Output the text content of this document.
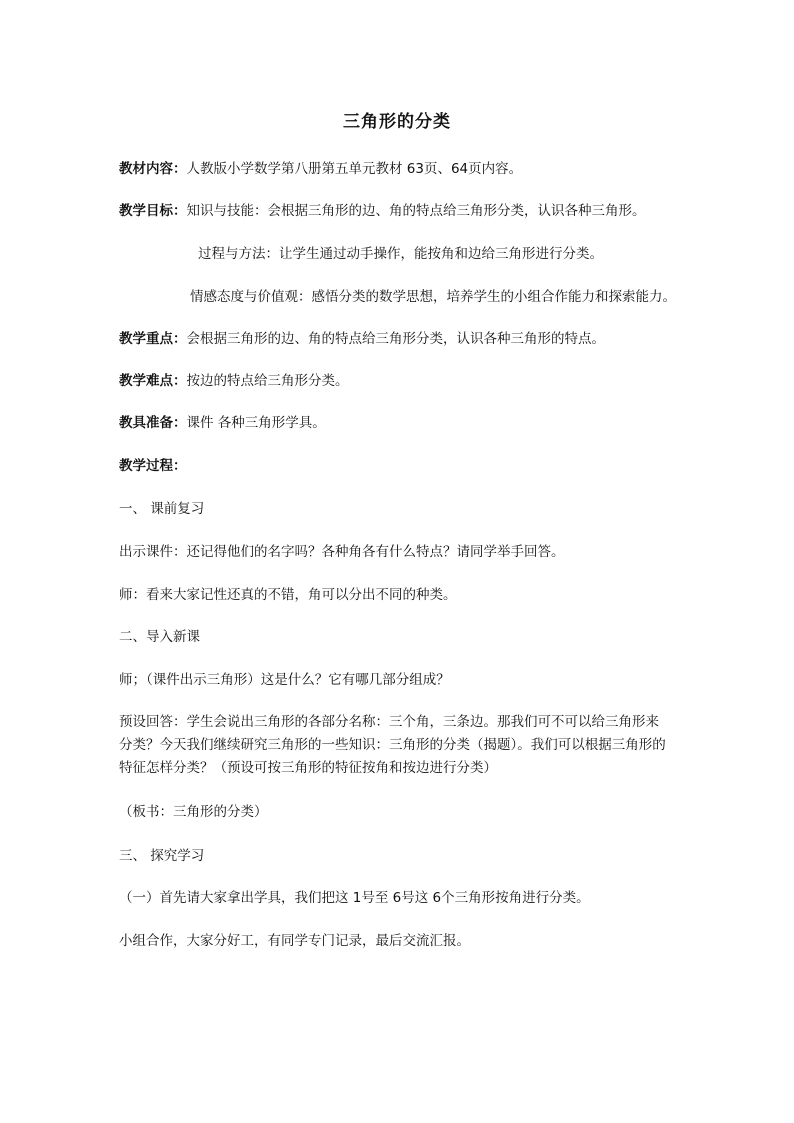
三角形的分类
教材内容：人教版小学数学第八册第五单元教材 63页、64页内容。
教学目标：知识与技能：会根据三角形的边、角的特点给三角形分类，认识各种三角形。
过程与方法：让学生通过动手操作，能按角和边给三角形进行分类。
情感态度与价值观：感悟分类的数学思想，培养学生的小组合作能力和探索能力。
教学重点：会根据三角形的边、角的特点给三角形分类，认识各种三角形的特点。
教学难点：按边的特点给三角形分类。
教具准备：课件 各种三角形学具。
教学过程：
一、 课前复习
出示课件：还记得他们的名字吗？各种角各有什么特点？请同学举手回答。
师：看来大家记性还真的不错，角可以分出不同的种类。
二、导入新课
师；（课件出示三角形）这是什么？它有哪几部分组成？
预设回答：学生会说出三角形的各部分名称：三个角，三条边。那我们可不可以给三角形来分类？今天我们继续研究三角形的一些知识：三角形的分类（揭题）。我们可以根据三角形的特征怎样分类？（预设可按三角形的特征按角和按边进行分类）
（板书：三角形的分类）
三、 探究学习
（一）首先请大家拿出学具，我们把这 1号至 6号这 6个三角形按角进行分类。
小组合作，大家分好工，有同学专门记录，最后交流汇报。
